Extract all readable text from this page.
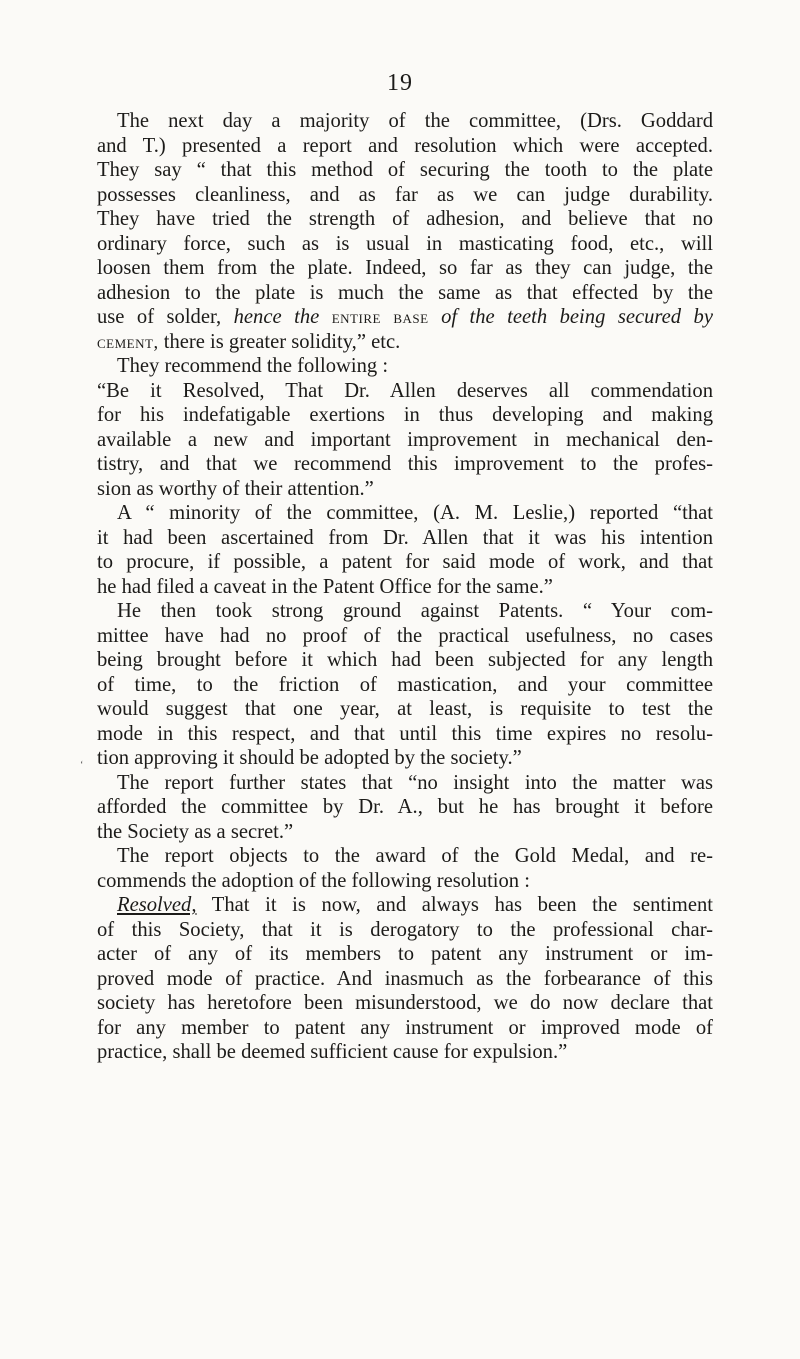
19
‘
The next day a majority of the committee, (Drs. Goddard
and T.) presented a report and resolution which were accepted.
They say “ that this method of securing the tooth to the plate
possesses cleanliness, and as far as we can judge durability.
They have tried the strength of adhesion, and believe that no
ordinary force, such as is usual in masticating food, etc., will
loosen them from the plate. Indeed, so far as they can judge, the
adhesion to the plate is much the same as that effected by the
use of solder, hence the entire base of the teeth being secured by
cement, there is greater solidity,” etc.
They recommend the following :
“Be it Resolved, That Dr. Allen deserves all commendation
for his indefatigable exertions in thus developing and making
available a new and important improvement in mechanical den-
tistry, and that we recommend this improvement to the profes-
sion as worthy of their attention.”
A “ minority of the committee, (A. M. Leslie,) reported “that
it had been ascertained from Dr. Allen that it was his intention
to procure, if possible, a patent for said mode of work, and that
he had filed a caveat in the Patent Office for the same.”
He then took strong ground against Patents. “ Your com-
mittee have had no proof of the practical usefulness, no cases
being brought before it which had been subjected for any length
of time, to the friction of mastication, and your committee
would suggest that one year, at least, is requisite to test the
mode in this respect, and that until this time expires no resolu-
tion approving it should be adopted by the society.”
The report further states that “no insight into the matter was
afforded the committee by Dr. A., but he has brought it before
the Society as a secret.”
The report objects to the award of the Gold Medal, and re-
commends the adoption of the following resolution :
Resolved, That it is now, and always has been the sentiment
of this Society, that it is derogatory to the professional char-
acter of any of its members to patent any instrument or im-
proved mode of practice. And inasmuch as the forbearance of this
society has heretofore been misunderstood, we do now declare that
for any member to patent any instrument or improved mode of
practice, shall be deemed sufficient cause for expulsion.”
